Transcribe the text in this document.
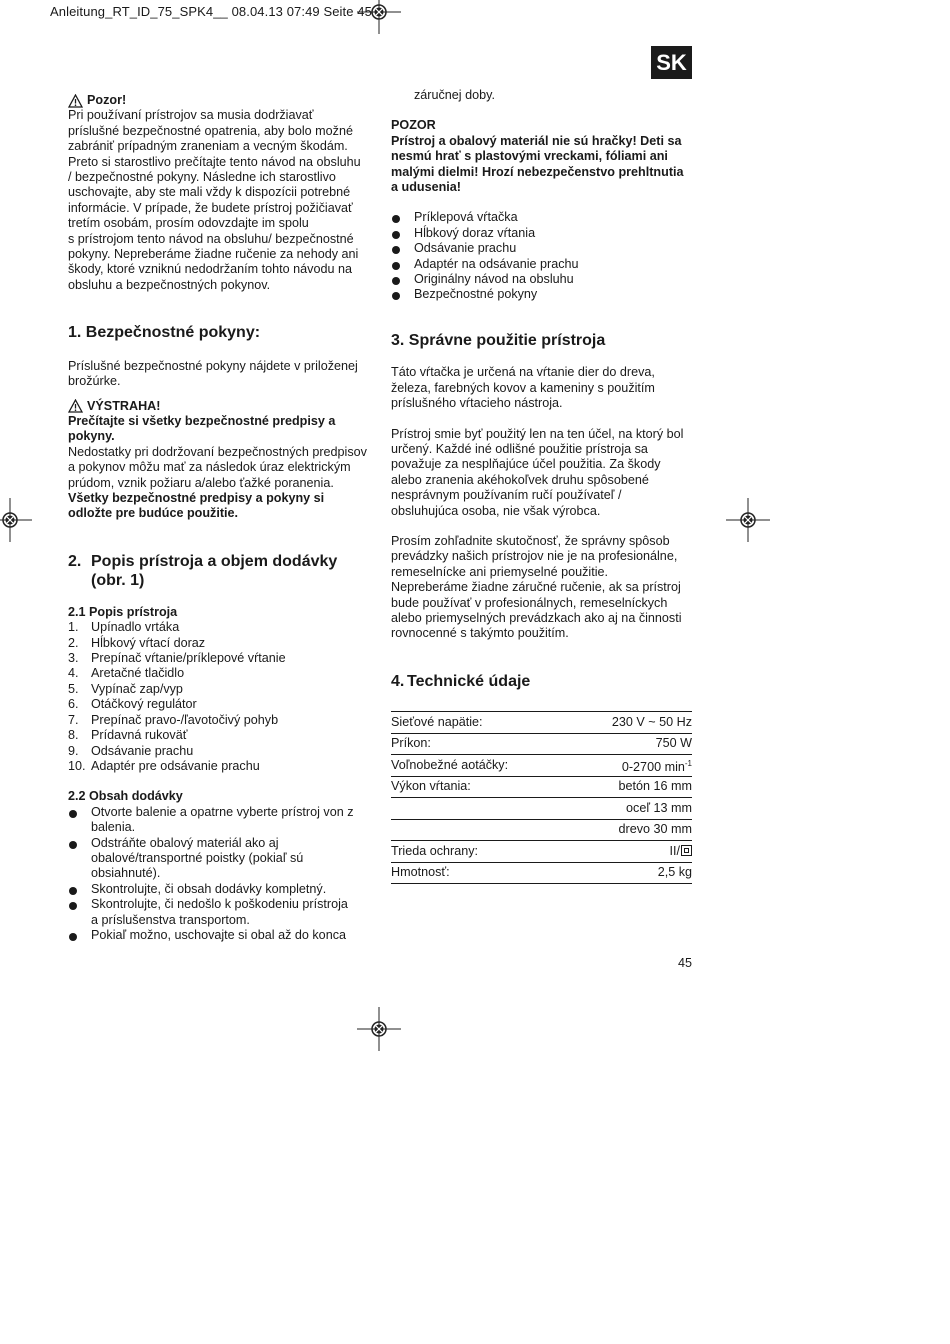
Anleitung_RT_ID_75_SPK4__ 08.04.13 07:49 Seite 45
SK
Pozor!

Pri používaní prístrojov sa musia dodržiavať

príslušné bezpečnostné opatrenia, aby bolo možné

zabrániť prípadným zraneniam a vecným škodám.

Preto si starostlivo prečítajte tento návod na obsluhu

/ bezpečnostné pokyny. Následne ich starostlivo

uschovajte, aby ste mali vždy k dispozícii potrebné

informácie. V prípade, že budete prístroj požičiavať

tretím osobám, prosím odovzdajte im spolu

s prístrojom tento návod na obsluhu/ bezpečnostné

pokyny. Nepreberáme žiadne ručenie za nehody ani

škody, ktoré vzniknú nedodržaním tohto návodu na

obsluhu a bezpečnostných pokynov.

1. Bezpečnostné pokyny:

Príslušné bezpečnostné pokyny nájdete v priloženej

brožúrke.

VÝSTRAHA!

Prečítajte si všetky bezpečnostné predpisy a

pokyny.

Nedostatky pri dodržovaní bezpečnostných predpisov

a pokynov môžu mať za následok úraz elektrickým

prúdom, vznik požiaru a/alebo ťažké poranenia.

Všetky bezpečnostné predpisy a pokyny si

odložte pre budúce použitie.

2. Popis prístroja a objem dodávky
(obr. 1)

2.1 Popis prístroja

1. Upínadlo vrtáka
2. Hĺbkový vŕtací doraz
3. Prepínač vŕtanie/príklepové vŕtanie
4. Aretačné tlačidlo
5. Vypínač zap/vyp
6. Otáčkový regulátor
7. Prepínač pravo-/ľavotočivý pohyb
8. Prídavná rukoväť
9. Odsávanie prachu
10. Adaptér pre odsávanie prachu

2.2 Obsah dodávky

Otvorte balenie a opatrne vyberte prístroj von z
balenia.
Odstráňte obalový materiál ako aj
obalové/transportné poistky (pokiaľ sú
obsiahnuté).
Skontrolujte, či obsah dodávky kompletný.
Skontrolujte, či nedošlo k poškodeniu prístroja
a príslušenstva transportom.
Pokiaľ možno, uschovajte si obal až do konca

záručnej doby.

POZOR

Prístroj a obalový materiál nie sú hračky! Deti sa

nesmú hrať s plastovými vreckami, fóliami ani

malými dielmi! Hrozí nebezpečenstvo prehltnutia

a udusenia!

Príklepová vŕtačka
Hĺbkový doraz vŕtania
Odsávanie prachu
Adaptér na odsávanie prachu
Originálny návod na obsluhu
Bezpečnostné pokyny
3. Správne použitie prístroja

Táto vŕtačka je určená na vŕtanie dier do dreva,

železa, farebných kovov a kameniny s použitím

príslušného vŕtacieho nástroja.

Prístroj smie byť použitý len na ten účel, na ktorý bol

určený. Každé iné odlišné použitie prístroja sa

považuje za nesplňajúce účel použitia. Za škody

alebo zranenia akéhokoľvek druhu spôsobené

nesprávnym používaním ručí používateľ /

obsluhujúca osoba, nie však výrobca.

Prosím zohľadnite skutočnosť, že správny spôsob

prevádzky našich prístrojov nie je na profesionálne,

remeselnícke ani priemyselné použitie.

Nepreberáme žiadne záručné ručenie, ak sa prístroj

bude používať v profesionálnych, remeselníckych

alebo priemyselných prevádzkach ako aj na činnosti

rovnocenné s takýmto použitím.

4. Technické údaje
Sieťové napätie:	230 V ~ 50 Hz
Príkon:	750 W
Voľnobežné aotáčky:	0-2700 $\min^{-1}$
Výkon vŕtania:	betón 16 mm
	oceľ 13 mm
	drevo 30 mm
Trieda ochrany:	II/
Hmotnosť:	2,5 kg
45
